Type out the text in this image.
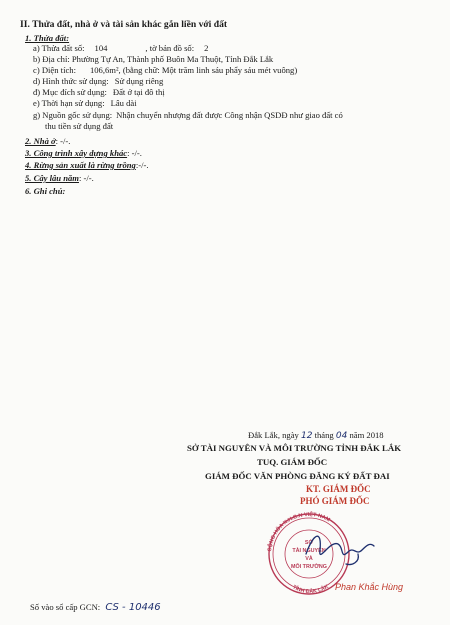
II. Thửa đất, nhà ở và tài sản khác gắn liền với đất
1. Thửa đất:
a) Thửa đất số: 104	, tờ bản đồ số: 2
b) Địa chỉ: Phường Tự An, Thành phố Buôn Ma Thuột, Tỉnh Đắk Lắk
c) Diện tích: 106,6m², (bằng chữ: Một trăm linh sáu phẩy sáu mét vuông)
d) Hình thức sử dụng: Sử dụng riêng
đ) Mục đích sử dụng: Đất ở tại đô thị
e) Thời hạn sử dụng: Lâu dài
g) Nguồn gốc sử dụng: Nhận chuyển nhượng đất được Công nhận QSDĐ như giao đất có
thu tiền sử dụng đất
2. Nhà ở: -/-.
3. Công trình xây dựng khác: -/-.
4. Rừng sản xuất là rừng trồng:-/-.
5. Cây lâu năm: -/-.
6. Ghi chú:
Đắk Lắk, ngày 12 tháng 04 năm 2018
SỞ TÀI NGUYÊN VÀ MÔI TRƯỜNG TỈNH ĐẮK LẮK
TUQ. GIÁM ĐỐC
GIÁM ĐỐC VĂN PHÒNG ĐĂNG KÝ ĐẤT ĐAI
KT. GIÁM ĐỐC
PHÓ GIÁM ĐỐC
CỘNG HÒA X.H.C.N VIỆT NAM
TỈNH ĐẮK LẮK
SỞ
TÀI NGUYÊN
VÀ
MÔI TRƯỜNG
Phan Khắc Hùng
Số vào sổ cấp GCN: CS - 10446
